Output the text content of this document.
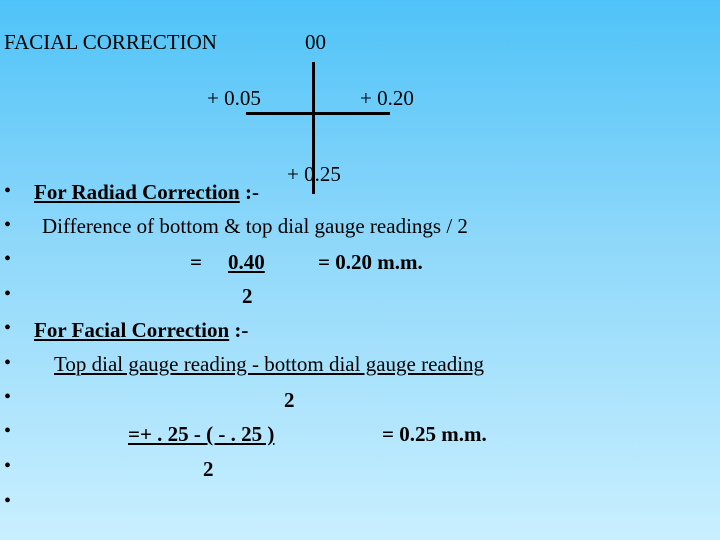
FACIAL CORRECTION	00
+ 0.05	+ 0.20
+ 0.25
•
•
•
•
•
•
•
•
•
•
For Radiad Correction :-
Difference of bottom & top dial gauge readings / 2
= 0.40	= 0.20 m.m.
2
For Facial Correction :-
Top dial gauge reading - bottom dial gauge reading
2
=+ . 25 - ( - . 25 )	= 0.25 m.m.
2
